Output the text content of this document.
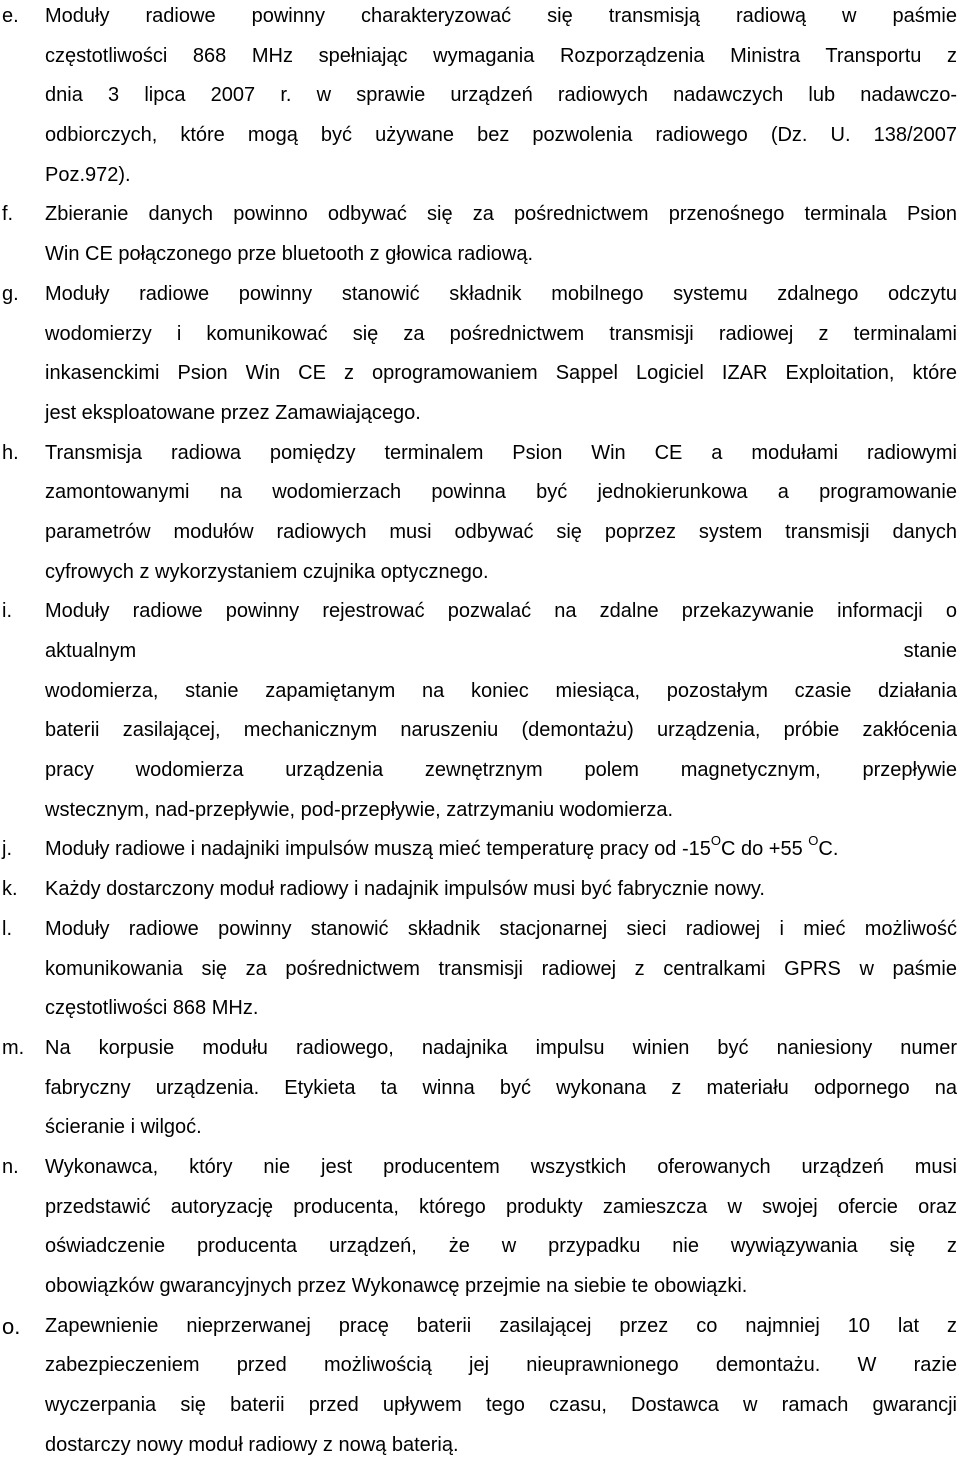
e. Moduły radiowe powinny charakteryzować się transmisją radiową w paśmie
częstotliwości 868 MHz spełniając wymagania Rozporządzenia Ministra Transportu z
dnia 3 lipca 2007 r. w sprawie urządzeń radiowych nadawczych lub nadawczo-
odbiorczych, które mogą być używane bez pozwolenia radiowego (Dz. U. 138/2007
Poz.972).
f. Zbieranie danych powinno odbywać się za pośrednictwem przenośnego terminala Psion
Win CE połączonego prze bluetooth z głowica radiową.
g. Moduły radiowe powinny stanowić składnik mobilnego systemu zdalnego odczytu
wodomierzy i komunikować się za pośrednictwem transmisji radiowej z terminalami
inkasenckimi Psion Win CE z oprogramowaniem Sappel Logiciel IZAR Exploitation, które
jest eksploatowane przez Zamawiającego.
h. Transmisja radiowa pomiędzy terminalem Psion Win CE a modułami radiowymi
zamontowanymi na wodomierzach powinna być jednokierunkowa a programowanie
parametrów modułów radiowych musi odbywać się poprzez system transmisji danych
cyfrowych z wykorzystaniem czujnika optycznego.
i. Moduły radiowe powinny rejestrować pozwalać na zdalne przekazywanie informacji o
aktualnym stanie
wodomierza, stanie zapamiętanym na koniec miesiąca, pozostałym czasie działania
baterii zasilającej, mechanicznym naruszeniu (demontażu) urządzenia, próbie zakłócenia
pracy wodomierza urządzenia zewnętrznym polem magnetycznym, przepływie
wstecznym, nad-przepływie, pod-przepływie, zatrzymaniu wodomierza.
j. Moduły radiowe i nadajniki impulsów muszą mieć temperaturę pracy od $-15^OC$ do +55 $^O$C.
k. Każdy dostarczony moduł radiowy i nadajnik impulsów musi być fabrycznie nowy.
l. Moduły radiowe powinny stanowić składnik stacjonarnej sieci radiowej i mieć możliwość
komunikowania się za pośrednictwem transmisji radiowej z centralkami GPRS w paśmie
częstotliwości 868 MHz.
m. Na korpusie modułu radiowego, nadajnika impulsu winien być naniesiony numer
fabryczny urządzenia. Etykieta ta winna być wykonana z materiału odpornego na
ścieranie i wilgoć.
n. Wykonawca, który nie jest producentem wszystkich oferowanych urządzeń musi
przedstawić autoryzację producenta, którego produkty zamieszcza w swojej ofercie oraz
oświadczenie producenta urządzeń, że w przypadku nie wywiązywania się z
obowiązków gwarancyjnych przez Wykonawcę przejmie na siebie te obowiązki.
o. Zapewnienie nieprzerwanej pracę baterii zasilającej przez co najmniej 10 lat z
zabezpieczeniem przed możliwością jej nieuprawnionego demontażu. W razie
wyczerpania się baterii przed upływem tego czasu, Dostawca w ramach gwarancji
dostarczy nowy moduł radiowy z nową baterią.
